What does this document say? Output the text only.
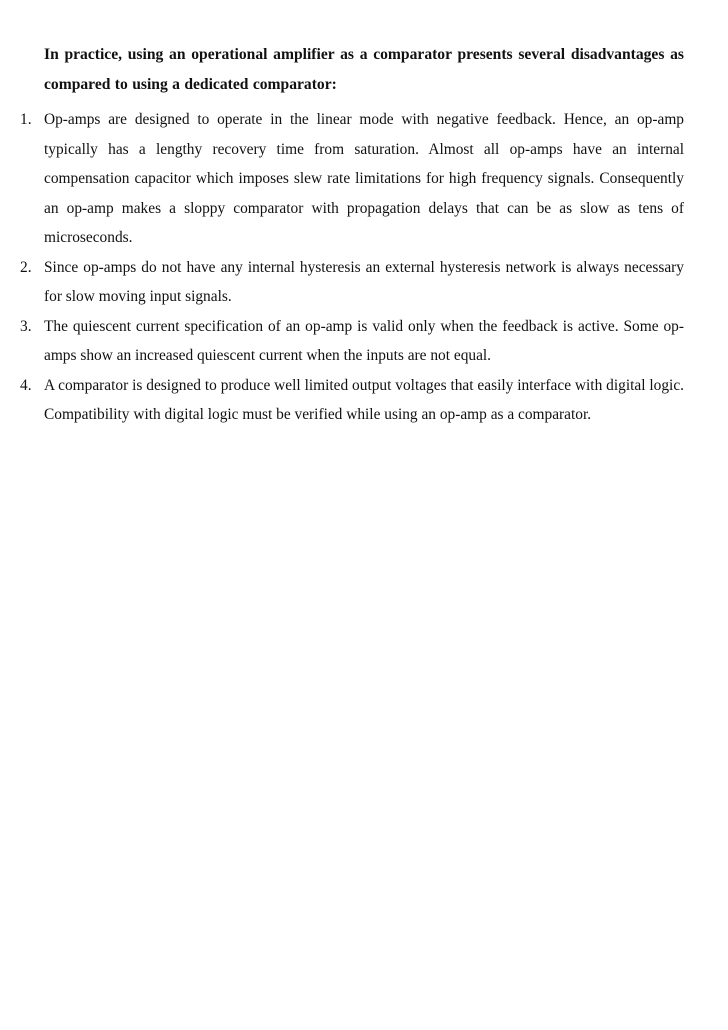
In practice, using an operational amplifier as a comparator presents several disadvantages as compared to using a dedicated comparator:

1. Op-amps are designed to operate in the linear mode with negative feedback. Hence, an op-amp typically has a lengthy recovery time from saturation. Almost all op-amps have an internal compensation capacitor which imposes slew rate limitations for high frequency signals. Consequently an op-amp makes a sloppy comparator with propagation delays that can be as slow as tens of microseconds.
2. Since op-amps do not have any internal hysteresis an external hysteresis network is always necessary for slow moving input signals.
3. The quiescent current specification of an op-amp is valid only when the feedback is active. Some op-amps show an increased quiescent current when the inputs are not equal.
4. A comparator is designed to produce well limited output voltages that easily interface with digital logic. Compatibility with digital logic must be verified while using an op-amp as a comparator.
